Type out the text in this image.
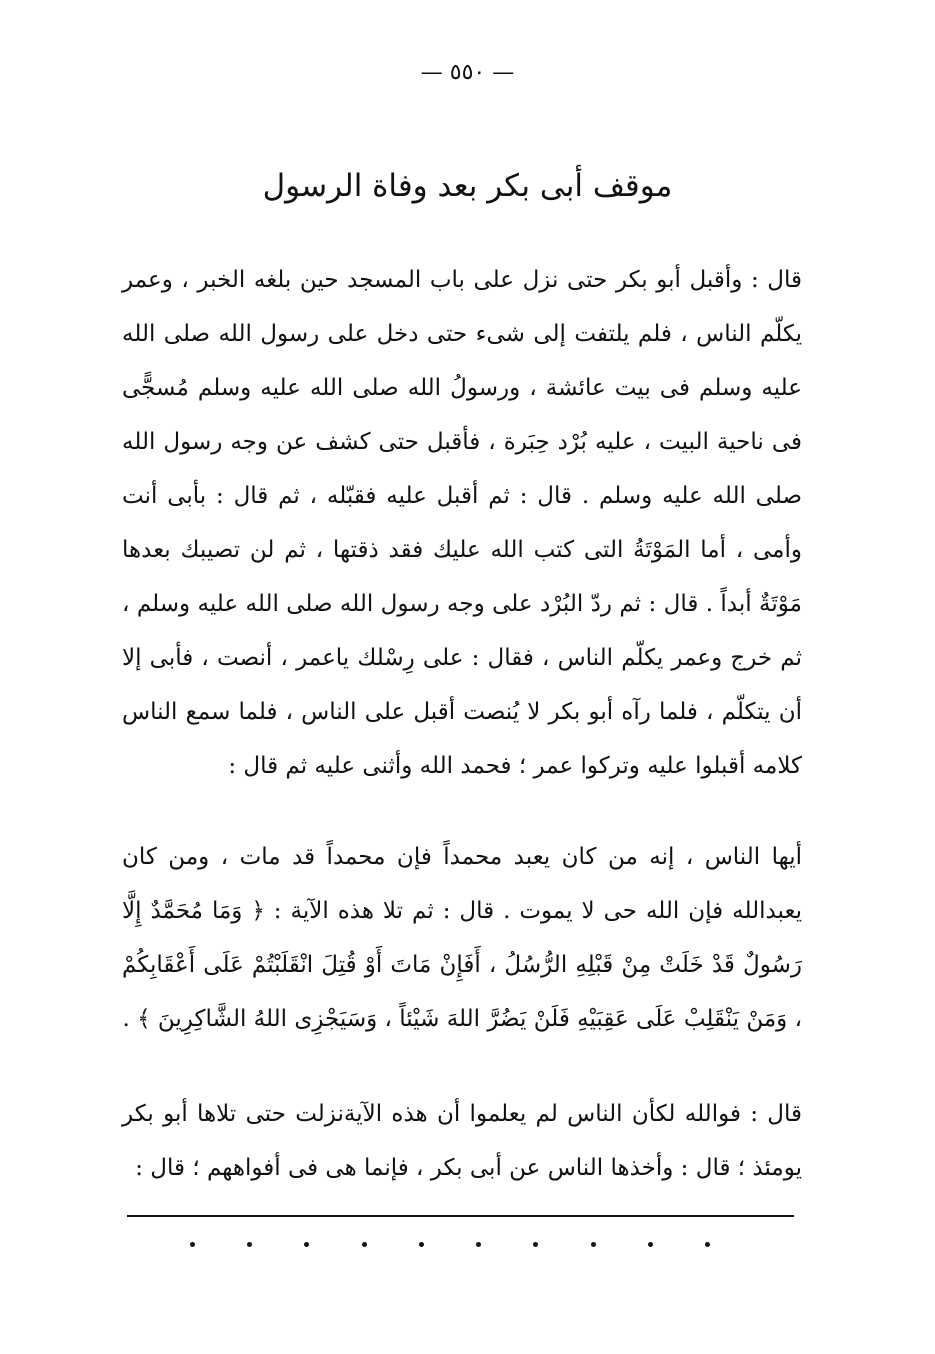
— ٥٥٠ —
موقف أبى بكر بعد وفاة الرسول
قال : وأقبل أبو بكر حتى نزل على باب المسجد حين بلغه الخبر ، وعمر يكلّم الناس ، فلم يلتفت إلى شىء حتى دخل على رسول الله صلى الله عليه وسلم فى بيت عائشة ، ورسولُ الله صلى الله عليه وسلم مُسجًّى فى ناحية البيت ، عليه بُرْد حِبَرة ، فأقبل حتى كشف عن وجه رسول الله صلى الله عليه وسلم . قال : ثم أقبل عليه فقبّله ، ثم قال : بأبى أنت وأمى ، أما المَوْتَةُ التى كتب الله عليك فقد ذقتها ، ثم لن تصيبك بعدها مَوْتَةٌ أبداً . قال : ثم ردّ البُرْد على وجه رسول الله صلى الله عليه وسلم ، ثم خرج وعمر يكلّم الناس ، فقال : على رِسْلك ياعمر ، أنصت ، فأبى إلا أن يتكلّم ، فلما رآه أبو بكر لا يُنصت أقبل على الناس ، فلما سمع الناس كلامه أقبلوا عليه وتركوا عمر ؛ فحمد الله وأثنى عليه ثم قال :
أيها الناس ، إنه من كان يعبد محمداً فإن محمداً قد مات ، ومن كان يعبدالله فإن الله حى لا يموت . قال : ثم تلا هذه الآية : ﴿ وَمَا مُحَمَّدٌ إِلَّا رَسُولٌ قَدْ خَلَتْ مِنْ قَبْلِهِ الرُّسُلُ ، أَفَإِنْ مَاتَ أَوْ قُتِلَ انْقَلَبْتُمْ عَلَى أَعْقَابِكُمْ ، وَمَنْ يَنْقَلِبْ عَلَى عَقِبَيْهِ فَلَنْ يَضُرَّ اللهَ شَيْئاً ، وَسَيَجْزِى اللهُ الشَّاكِرِينَ ﴾ .
قال : فوالله لكأن الناس لم يعلموا أن هذه الآيةنزلت حتى تلاها أبو بكر يومئذ ؛ قال : وأخذها الناس عن أبى بكر ، فإنما هى فى أفواههم ؛ قال :
